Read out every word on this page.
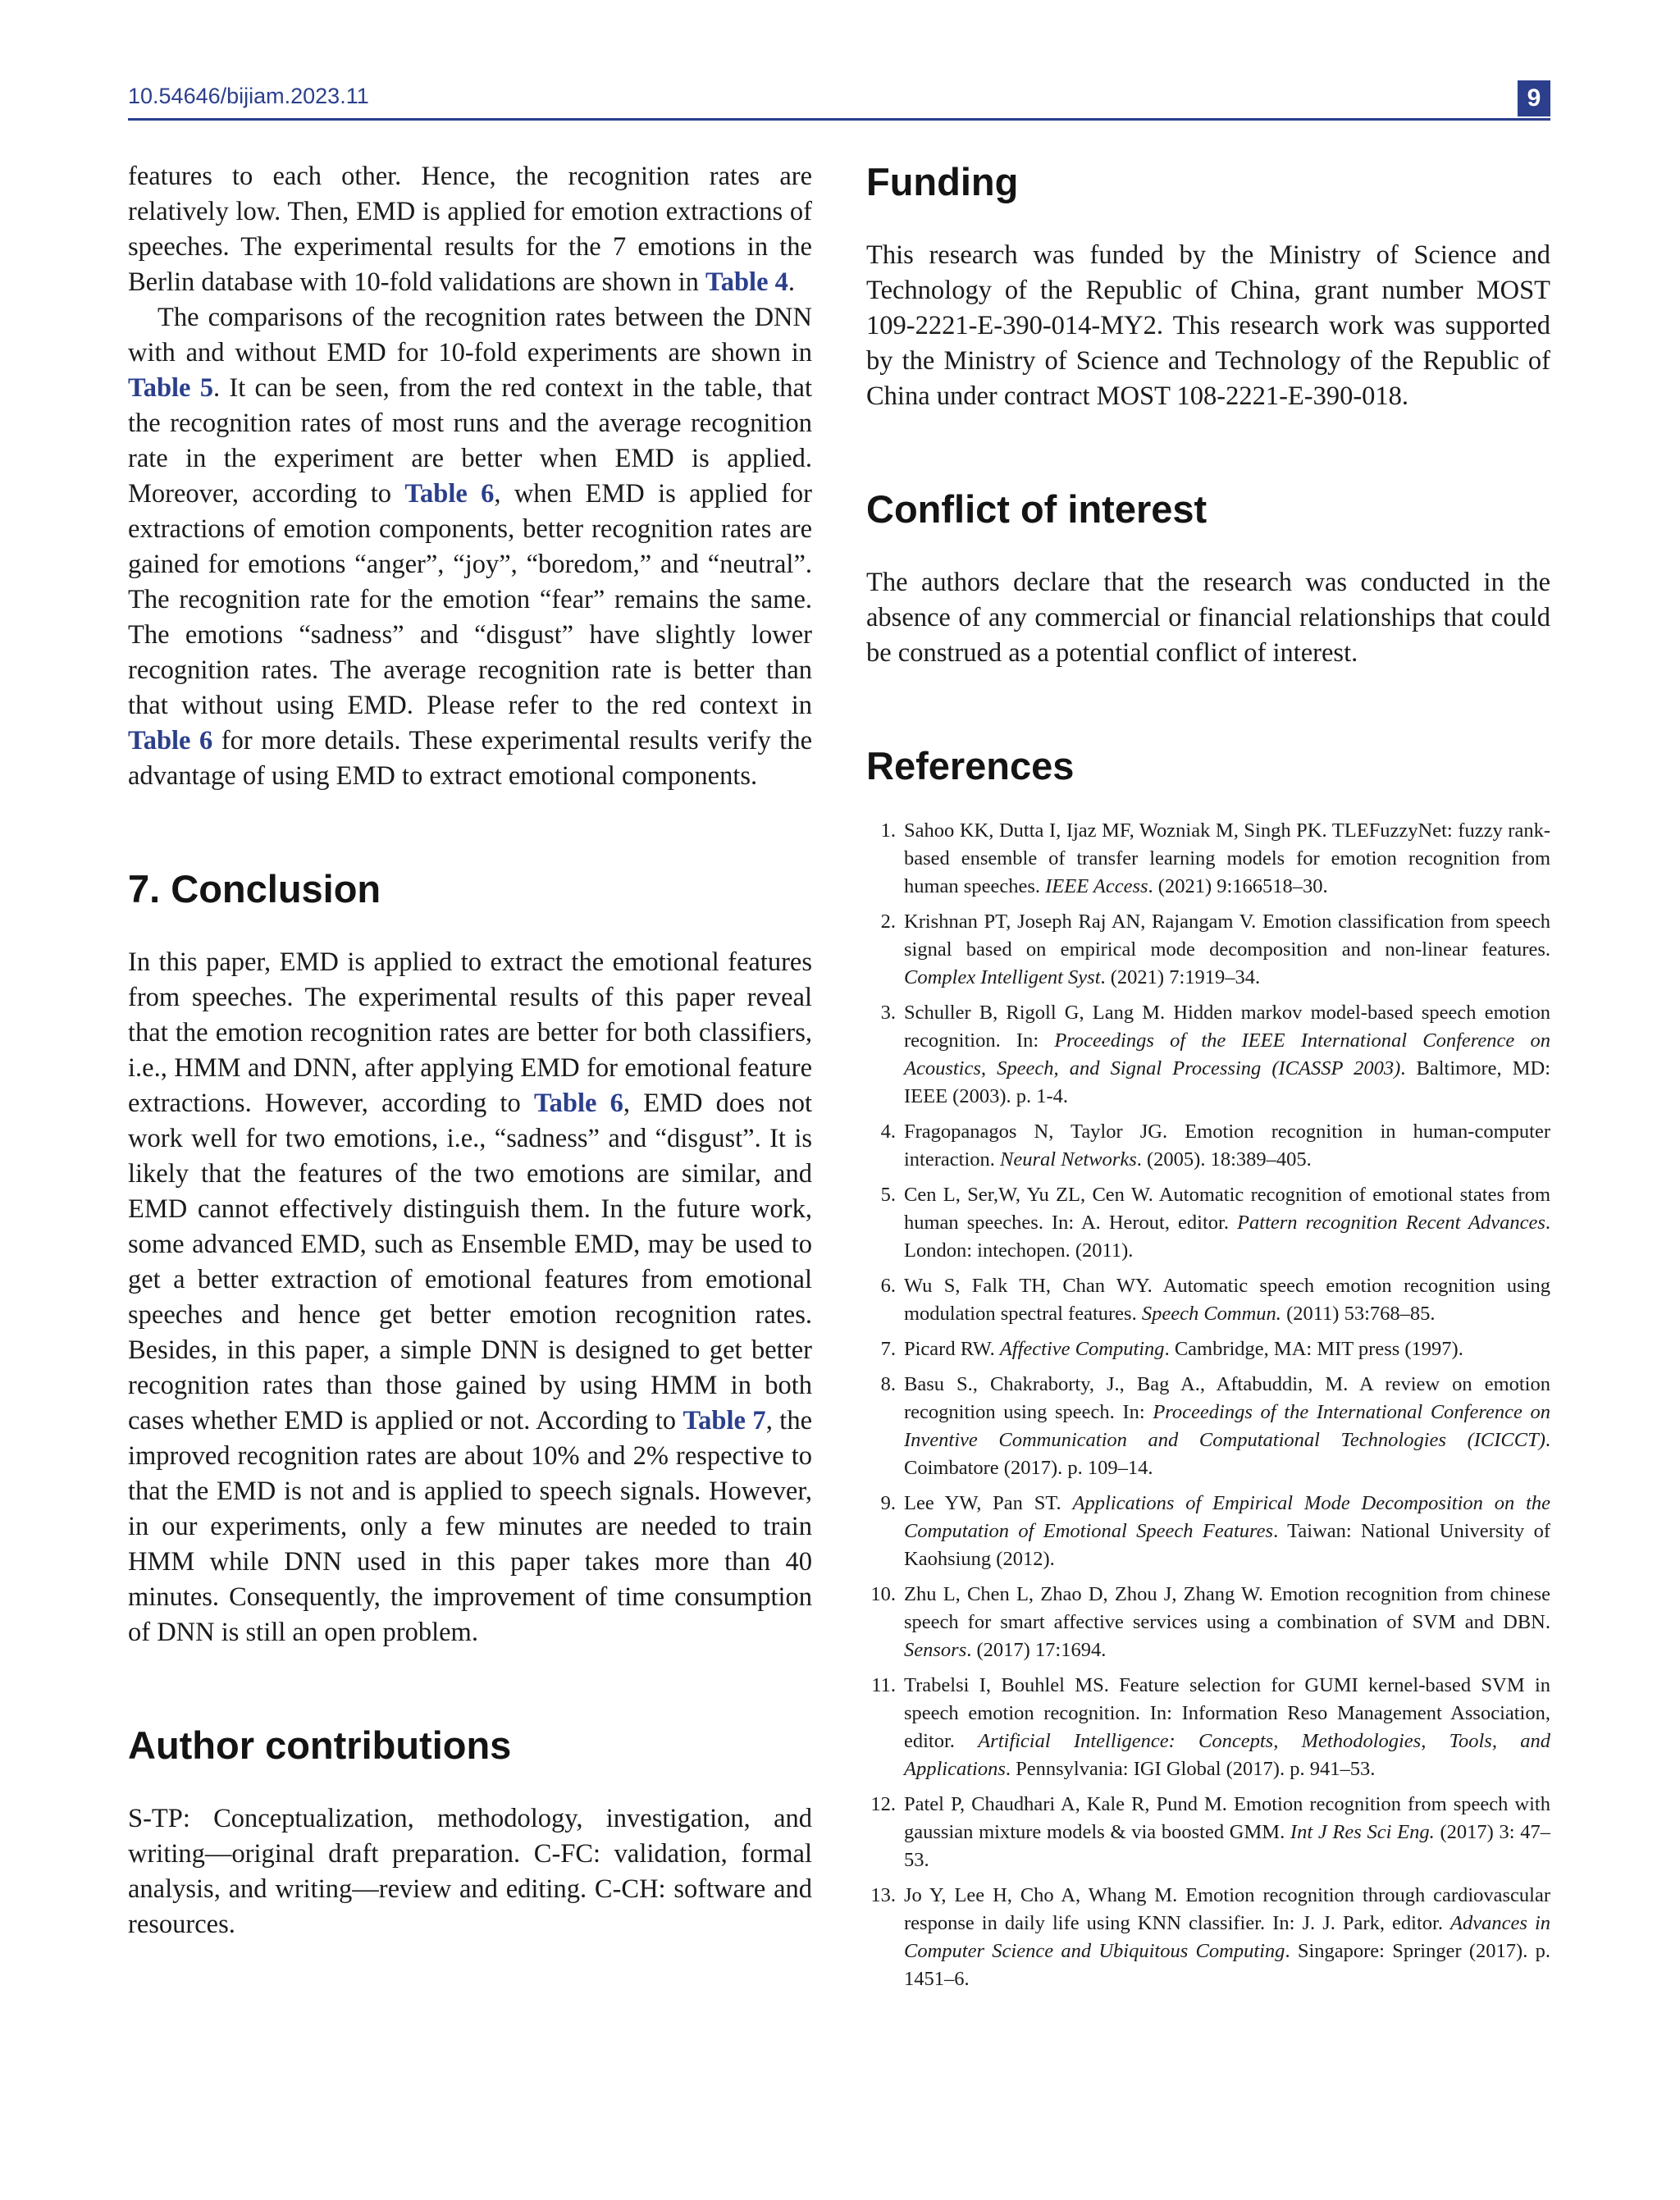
10.54646/bijiam.2023.11	9

features to each other. Hence, the recognition rates are relatively low. Then, EMD is applied for emotion extractions of speeches. The experimental results for the 7 emotions in the Berlin database with 10-fold validations are shown in Table 4.

The comparisons of the recognition rates between the DNN with and without EMD for 10-fold experiments are shown in Table 5. It can be seen, from the red context in the table, that the recognition rates of most runs and the average recognition rate in the experiment are better when EMD is applied. Moreover, according to Table 6, when EMD is applied for extractions of emotion components, better recognition rates are gained for emotions “anger”, “joy”, “boredom,” and “neutral”. The recognition rate for the emotion “fear” remains the same. The emotions “sadness” and “disgust” have slightly lower recognition rates. The average recognition rate is better than that without using EMD. Please refer to the red context in Table 6 for more details. These experimental results verify the advantage of using EMD to extract emotional components.

7. Conclusion

In this paper, EMD is applied to extract the emotional features from speeches. The experimental results of this paper reveal that the emotion recognition rates are better for both classifiers, i.e., HMM and DNN, after applying EMD for emotional feature extractions. However, according to Table 6, EMD does not work well for two emotions, i.e., “sadness” and “disgust”. It is likely that the features of the two emotions are similar, and EMD cannot effectively distinguish them. In the future work, some advanced EMD, such as Ensemble EMD, may be used to get a better extraction of emotional features from emotional speeches and hence get better emotion recognition rates. Besides, in this paper, a simple DNN is designed to get better recognition rates than those gained by using HMM in both cases whether EMD is applied or not. According to Table 7, the improved recognition rates are about 10% and 2% respective to that the EMD is not and is applied to speech signals. However, in our experiments, only a few minutes are needed to train HMM while DNN used in this paper takes more than 40 minutes. Consequently, the improvement of time consumption of DNN is still an open problem.

Author contributions

S-TP: Conceptualization, methodology, investigation, and writing—original draft preparation. C-FC: validation, formal analysis, and writing—review and editing. C-CH: software and resources.

Funding

This research was funded by the Ministry of Science and Technology of the Republic of China, grant number MOST 109-2221-E-390-014-MY2. This research work was supported by the Ministry of Science and Technology of the Republic of China under contract MOST 108-2221-E-390-018.

Conflict of interest

The authors declare that the research was conducted in the absence of any commercial or financial relationships that could be construed as a potential conflict of interest.

References
1. Sahoo KK, Dutta I, Ijaz MF, Wozniak M, Singh PK. TLEFuzzyNet: fuzzy rank-based ensemble of transfer learning models for emotion recognition from human speeches. IEEE Access. (2021) 9:166518–30.
2. Krishnan PT, Joseph Raj AN, Rajangam V. Emotion classification from speech signal based on empirical mode decomposition and non-linear features. Complex Intelligent Syst. (2021) 7:1919–34.
3. Schuller B, Rigoll G, Lang M. Hidden markov model-based speech emotion recognition. In: Proceedings of the IEEE International Conference on Acoustics, Speech, and Signal Processing (ICASSP 2003). Baltimore, MD: IEEE (2003). p. 1-4.
4. Fragopanagos N, Taylor JG. Emotion recognition in human-computer interaction. Neural Networks. (2005). 18:389–405.
5. Cen L, Ser,W, Yu ZL, Cen W. Automatic recognition of emotional states from human speeches. In: A. Herout, editor. Pattern recognition Recent Advances. London: intechopen. (2011).
6. Wu S, Falk TH, Chan WY. Automatic speech emotion recognition using modulation spectral features. Speech Commun. (2011) 53:768–85.
7. Picard RW. Affective Computing. Cambridge, MA: MIT press (1997).
8. Basu S., Chakraborty, J., Bag A., Aftabuddin, M. A review on emotion recognition using speech. In: Proceedings of the International Conference on Inventive Communication and Computational Technologies (ICICCT). Coimbatore (2017). p. 109–14.
9. Lee YW, Pan ST. Applications of Empirical Mode Decomposition on the Computation of Emotional Speech Features. Taiwan: National University of Kaohsiung (2012).
10. Zhu L, Chen L, Zhao D, Zhou J, Zhang W. Emotion recognition from chinese speech for smart affective services using a combination of SVM and DBN. Sensors. (2017) 17:1694.
11. Trabelsi I, Bouhlel MS. Feature selection for GUMI kernel-based SVM in speech emotion recognition. In: Information Reso Management Association, editor. Artificial Intelligence: Concepts, Methodologies, Tools, and Applications. Pennsylvania: IGI Global (2017). p. 941–53.
12. Patel P, Chaudhari A, Kale R, Pund M. Emotion recognition from speech with gaussian mixture models & via boosted GMM. Int J Res Sci Eng. (2017) 3: 47–53.
13. Jo Y, Lee H, Cho A, Whang M. Emotion recognition through cardiovascular response in daily life using KNN classifier. In: J. J. Park, editor. Advances in Computer Science and Ubiquitous Computing. Singapore: Springer (2017). p. 1451–6.
